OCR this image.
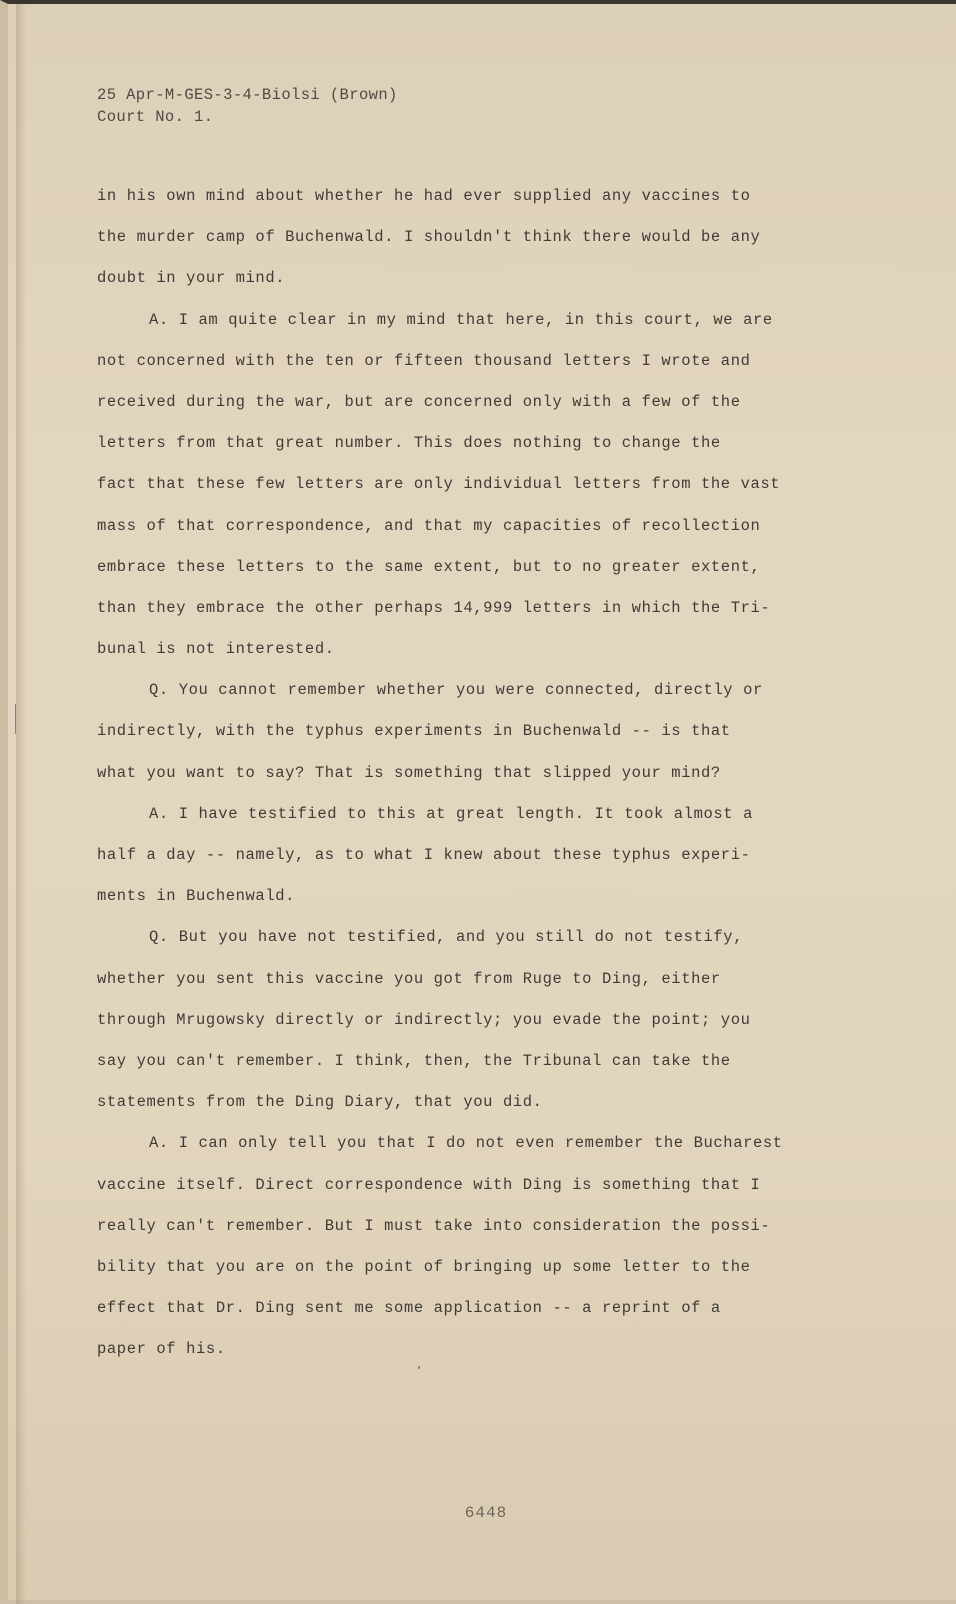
25 Apr-M-GES-3-4-Biolsi (Brown)
Court No. 1.
in his own mind about whether he had ever supplied any vaccines to
the murder camp of Buchenwald. I shouldn't think there would be any
doubt in your mind.
A. I am quite clear in my mind that here, in this court, we are
not concerned with the ten or fifteen thousand letters I wrote and
received during the war, but are concerned only with a few of the
letters from that great number. This does nothing to change the
fact that these few letters are only individual letters from the vast
mass of that correspondence, and that my capacities of recollection
embrace these letters to the same extent, but to no greater extent,
than they embrace the other perhaps 14,999 letters in which the Tri-
bunal is not interested.
Q. You cannot remember whether you were connected, directly or
indirectly, with the typhus experiments in Buchenwald -- is that
what you want to say? That is something that slipped your mind?
A. I have testified to this at great length. It took almost a
half a day -- namely, as to what I knew about these typhus experi-
ments in Buchenwald.
Q. But you have not testified, and you still do not testify,
whether you sent this vaccine you got from Ruge to Ding, either
through Mrugowsky directly or indirectly; you evade the point; you
say you can't remember. I think, then, the Tribunal can take the
statements from the Ding Diary, that you did.
A. I can only tell you that I do not even remember the Bucharest
vaccine itself. Direct correspondence with Ding is something that I
really can't remember. But I must take into consideration the possi-
bility that you are on the point of bringing up some letter to the
effect that Dr. Ding sent me some application -- a reprint of a
paper of his.
6448
